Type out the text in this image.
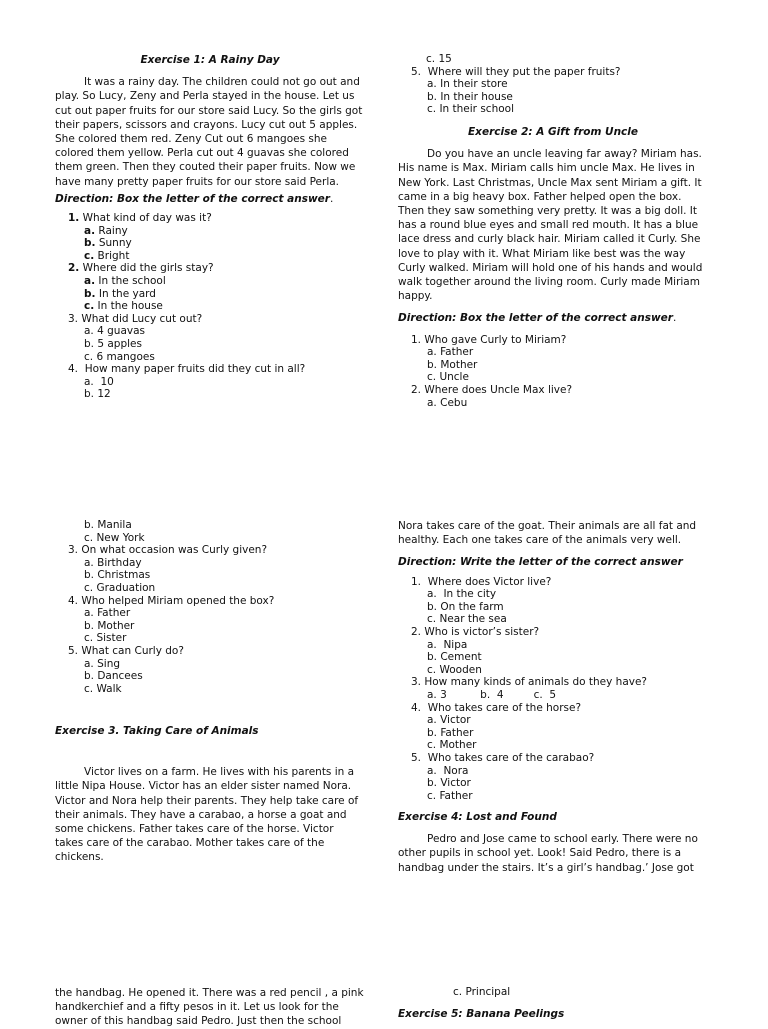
Exercise 1: A Rainy Day

It was a rainy day. The children could not go out and play. So Lucy, Zeny and Perla stayed in the house. Let us cut out paper fruits for our store said Lucy. So the girls got their papers, scissors and crayons. Lucy cut out 5 apples. She colored them red. Zeny Cut out 6 mangoes she colored them yellow. Perla cut out 4 guavas she colored them green. Then they couted their paper fruits. Now we have many pretty paper fruits for our store said Perla.

Direction: Box the letter of the correct answer.
1. What kind of day was it?
a. Rainy
b. Sunny
c. Bright
2. Where did the girls stay?
a. In the school
b. In the yard
c. In the house
3. What did Lucy cut out?
a. 4 guavas
b. 5 apples
c. 6 mangoes
4.  How many paper fruits did they cut in all?
a.  10
b. 12
c. 15
5.  Where will they put the paper fruits?
a. In their store
b. In their house
c. In their school
Exercise 2: A Gift from Uncle

Do you have an uncle leaving far away? Miriam has. His name is Max. Miriam calls him uncle Max. He lives in New York. Last Christmas, Uncle Max sent Miriam a gift. It came in a big heavy box. Father helped open the box. Then they saw something very pretty. It was a big doll. It has a round blue eyes and small red mouth. It has a blue lace dress and curly black hair. Miriam called it Curly. She love to play with it. What Miriam like best was the way Curly walked. Miriam will hold one of his hands and would walk together around the living room. Curly made Miriam happy.

Direction: Box the letter of the correct answer.
1. Who gave Curly to Miriam?
a. Father
b. Mother
c. Uncle
2. Where does Uncle Max live?
a. Cebu
b. Manila
c. New York
3. On what occasion was Curly given?
a. Birthday
b. Christmas
c. Graduation
4. Who helped Miriam opened the box?
a. Father
b. Mother
c. Sister
5. What can Curly do?
a. Sing
b. Dancees
c. Walk
Exercise 3. Taking Care of Animals

Victor lives on a farm. He lives with his parents in a little Nipa House. Victor has an elder sister named Nora. Victor and Nora help their parents. They help take care of their animals. They have a carabao, a horse a goat and some chickens. Father takes care of the horse. Victor takes care of the carabao. Mother takes care of the chickens.

Nora takes care of the goat. Their animals are all fat and healthy. Each one takes care of the animals very well.

Direction: Write the letter of the correct answer
1.  Where does Victor live?
a.  In the city
b. On the farm
c. Near the sea
2. Who is victor’s sister?
a.  Nipa
b. Cement
c. Wooden
3. How many kinds of animals do they have?
a. 3          b.  4         c.  5
4.  Who takes care of the horse?
a. Victor
b. Father
c. Mother
5.  Who takes care of the carabao?
a.  Nora
b. Victor
c. Father
Exercise 4: Lost and Found

Pedro and Jose came to school early. There were no other pupils in school yet. Look! Said Pedro, there is a handbag under the stairs. It’s a girl’s handbag.’ Jose got

the handbag. He opened it. There was a red pencil , a pink handkerchief and a fifty pesos in it. Let us look for the owner of this handbag said Pedro. Just then the school

c. Principal
Exercise 5: Banana Peelings
